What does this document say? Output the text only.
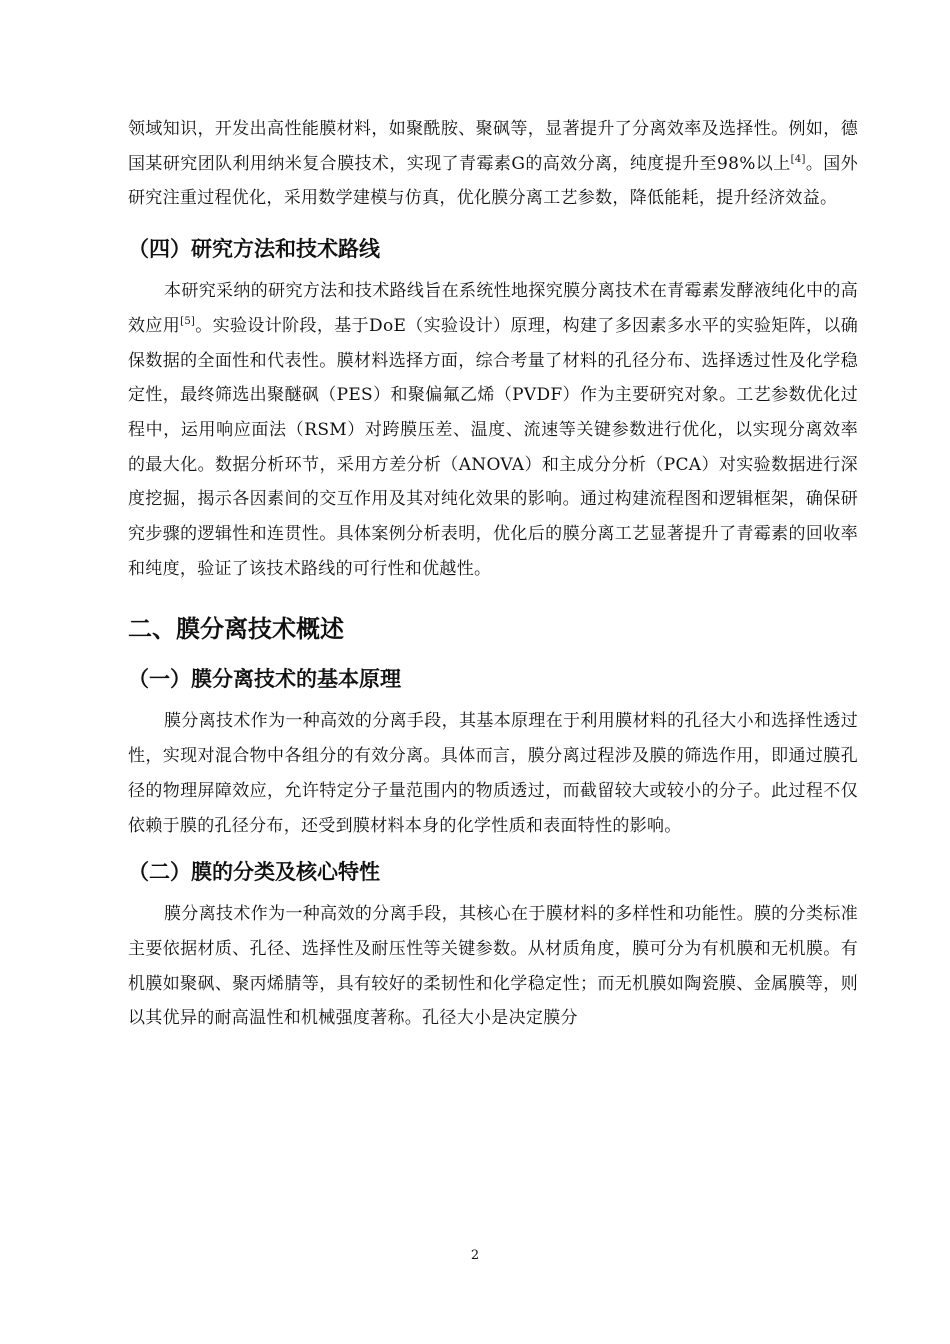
领域知识，开发出高性能膜材料，如聚酰胺、聚砜等，显著提升了分离效率及选择性。例如，德国某研究团队利用纳米复合膜技术，实现了青霉素G的高效分离，纯度提升至98%以上[4]。国外研究注重过程优化，采用数学建模与仿真，优化膜分离工艺参数，降低能耗，提升经济效益。

（四）研究方法和技术路线

本研究采纳的研究方法和技术路线旨在系统性地探究膜分离技术在青霉素发酵液纯化中的高效应用[5]。实验设计阶段，基于DoE（实验设计）原理，构建了多因素多水平的实验矩阵，以确保数据的全面性和代表性。膜材料选择方面，综合考量了材料的孔径分布、选择透过性及化学稳定性，最终筛选出聚醚砜（PES）和聚偏氟乙烯（PVDF）作为主要研究对象。工艺参数优化过程中，运用响应面法（RSM）对跨膜压差、温度、流速等关键参数进行优化，以实现分离效率的最大化。数据分析环节，采用方差分析（ANOVA）和主成分分析（PCA）对实验数据进行深度挖掘，揭示各因素间的交互作用及其对纯化效果的影响。通过构建流程图和逻辑框架，确保研究步骤的逻辑性和连贯性。具体案例分析表明，优化后的膜分离工艺显著提升了青霉素的回收率和纯度，验证了该技术路线的可行性和优越性。

二、膜分离技术概述
（一）膜分离技术的基本原理

膜分离技术作为一种高效的分离手段，其基本原理在于利用膜材料的孔径大小和选择性透过性，实现对混合物中各组分的有效分离。具体而言，膜分离过程涉及膜的筛选作用，即通过膜孔径的物理屏障效应，允许特定分子量范围内的物质透过，而截留较大或较小的分子。此过程不仅依赖于膜的孔径分布，还受到膜材料本身的化学性质和表面特性的影响。

（二）膜的分类及核心特性

膜分离技术作为一种高效的分离手段，其核心在于膜材料的多样性和功能性。膜的分类标准主要依据材质、孔径、选择性及耐压性等关键参数。从材质角度，膜可分为有机膜和无机膜。有机膜如聚砜、聚丙烯腈等，具有较好的柔韧性和化学稳定性；而无机膜如陶瓷膜、金属膜等，则以其优异的耐高温性和机械强度著称。孔径大小是决定膜分

2
